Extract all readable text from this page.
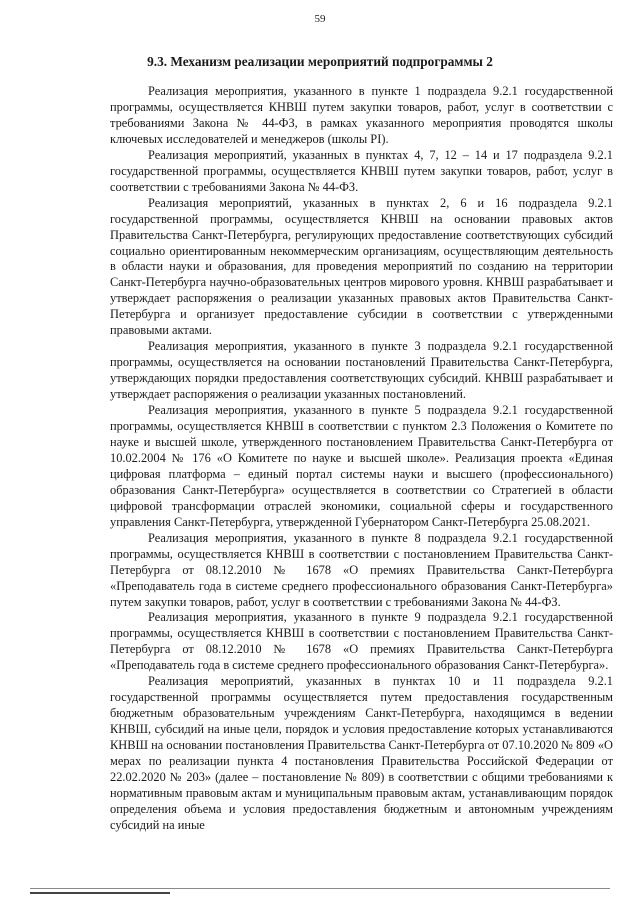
59
9.3. Механизм реализации мероприятий подпрограммы 2

Реализация мероприятия, указанного в пункте 1 подраздела 9.2.1 государственной программы, осуществляется КНВШ путем закупки товаров, работ, услуг в соответствии с требованиями Закона № 44-ФЗ, в рамках указанного мероприятия проводятся школы ключевых исследователей и менеджеров (школы PI).

Реализация мероприятий, указанных в пунктах 4, 7, 12 – 14 и 17 подраздела 9.2.1 государственной программы, осуществляется КНВШ путем закупки товаров, работ, услуг в соответствии с требованиями Закона № 44-ФЗ.

Реализация мероприятий, указанных в пунктах 2, 6 и 16 подраздела 9.2.1 государственной программы, осуществляется КНВШ на основании правовых актов Правительства Санкт-Петербурга, регулирующих предоставление соответствующих субсидий социально ориентированным некоммерческим организациям, осуществляющим деятельность в области науки и образования, для проведения мероприятий по созданию на территории Санкт-Петербурга научно-образовательных центров мирового уровня. КНВШ разрабатывает и утверждает распоряжения о реализации указанных правовых актов Правительства Санкт-Петербурга и организует предоставление субсидии в соответствии с утвержденными правовыми актами.

Реализация мероприятия, указанного в пункте 3 подраздела 9.2.1 государственной программы, осуществляется на основании постановлений Правительства Санкт-Петербурга, утверждающих порядки предоставления соответствующих субсидий. КНВШ разрабатывает и утверждает распоряжения о реализации указанных постановлений.

Реализация мероприятия, указанного в пункте 5 подраздела 9.2.1 государственной программы, осуществляется КНВШ в соответствии с пунктом 2.3 Положения о Комитете по науке и высшей школе, утвержденного постановлением Правительства Санкт-Петербурга от 10.02.2004 № 176 «О Комитете по науке и высшей школе». Реализация проекта «Единая цифровая платформа – единый портал системы науки и высшего (профессионального) образования Санкт-Петербурга» осуществляется в соответствии со Стратегией в области цифровой трансформации отраслей экономики, социальной сферы и государственного управления Санкт-Петербурга, утвержденной Губернатором Санкт-Петербурга 25.08.2021.

Реализация мероприятия, указанного в пункте 8 подраздела 9.2.1 государственной программы, осуществляется КНВШ в соответствии с постановлением Правительства Санкт-Петербурга от 08.12.2010 № 1678 «О премиях Правительства Санкт-Петербурга «Преподаватель года в системе среднего профессионального образования Санкт-Петербурга» путем закупки товаров, работ, услуг в соответствии с требованиями Закона № 44-ФЗ.

Реализация мероприятия, указанного в пункте 9 подраздела 9.2.1 государственной программы, осуществляется КНВШ в соответствии с постановлением Правительства Санкт-Петербурга от 08.12.2010 № 1678 «О премиях Правительства Санкт-Петербурга «Преподаватель года в системе среднего профессионального образования Санкт-Петербурга».

Реализация мероприятий, указанных в пунктах 10 и 11 подраздела 9.2.1 государственной программы осуществляется путем предоставления государственным бюджетным образовательным учреждениям Санкт-Петербурга, находящимся в ведении КНВШ, субсидий на иные цели, порядок и условия предоставление которых устанавливаются КНВШ на основании постановления Правительства Санкт-Петербурга от 07.10.2020 № 809 «О мерах по реализации пункта 4 постановления Правительства Российской Федерации от 22.02.2020 № 203» (далее – постановление № 809) в соответствии с общими требованиями к нормативным правовым актам и муниципальным правовым актам, устанавливающим порядок определения объема и условия предоставления бюджетным и автономным учреждениям субсидий на иные
